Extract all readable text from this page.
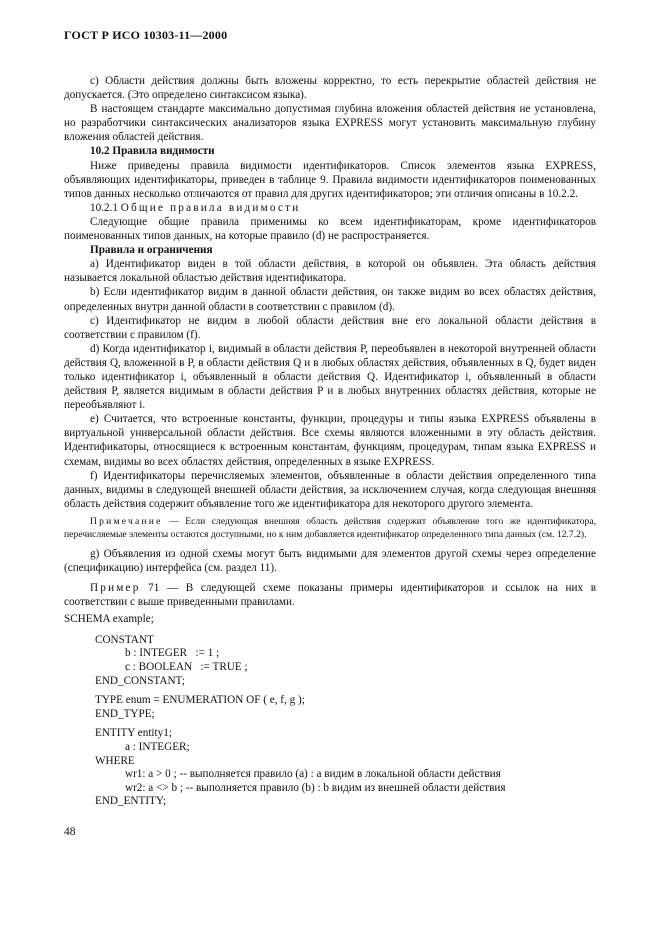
ГОСТ Р ИСО 10303-11—2000

c) Области действия должны быть вложены корректно, то есть перекрытие областей действия не допускается. (Это определено синтаксисом языка).

В настоящем стандарте максимально допустимая глубина вложения областей действия не установлена, но разработчики синтаксических анализаторов языка EXPRESS могут установить максимальную глубину вложения областей действия.

10.2 Правила видимости

Ниже приведены правила видимости идентификаторов. Список элементов языка EXPRESS, объявляющих идентификаторы, приведен в таблице 9. Правила видимости идентификаторов поименованных типов данных несколько отличаются от правил для других идентификаторов; эти отличия описаны в 10.2.2.

10.2.1 Общие правила видимости

Следующие общие правила применимы ко всем идентификаторам, кроме идентификаторов поименованных типов данных, на которые правило (d) не распространяется.

Правила и ограничения

a) Идентификатор виден в той области действия, в которой он объявлен. Эта область действия называется локальной областью действия идентификатора.

b) Если идентификатор видим в данной области действия, он также видим во всех областях действия, определенных внутри данной области в соответствии с правилом (d).

c) Идентификатор не видим в любой области действия вне его локальной области действия в соответствии с правилом (f).

d) Когда идентификатор i, видимый в области действия P, переобъявлен в некоторой внутренней области действия Q, вложенной в P, в области действия Q и в любых областях действия, объявленных в Q, будет виден только идентификатор i, объявленный в области действия Q. Идентификатор i, объявленный в области действия P, является видимым в области действия P и в любых внутренних областях действия, которые не переобъявляют i.

e) Считается, что встроенные константы, функции, процедуры и типы языка EXPRESS объявлены в виртуальной универсальной области действия. Все схемы являются вложенными в эту область действия. Идентификаторы, относящиеся к встроенным константам, функциям, процедурам, типам языка EXPRESS и схемам, видимы во всех областях действия, определенных в языке EXPRESS.

f) Идентификаторы перечисляемых элементов, объявленные в области действия определенного типа данных, видимы в следующей внешней области действия, за исключением случая, когда следующая внешняя область действия содержит объявление того же идентификатора для некоторого другого элемента.

Примечание — Если следующая внешняя область действия содержит объявление того же идентификатора, перечисляемые элементы остаются доступными, но к ним добавляется идентификатор определенного типа данных (см. 12.7.2).

g) Объявления из одной схемы могут быть видимыми для элементов другой схемы через определение (спецификацию) интерфейса (см. раздел 11).

Пример 71 — В следующей схеме показаны примеры идентификаторов и ссылок на них в соответствии с выше приведенными правилами.

SCHEMA example;
CONSTANT
b : INTEGER   := 1 ;
c : BOOLEAN   := TRUE ;
END_CONSTANT;
TYPE enum = ENUMERATION OF ( e, f, g );
END_TYPE;
ENTITY entity1;
a : INTEGER;
WHERE
wr1: a > 0 ; -- выполняется правило (a) : a видим в локальной области действия
wr2: a <> b ; -- выполняется правило (b) : b видим из внешней области действия
END_ENTITY;
48
